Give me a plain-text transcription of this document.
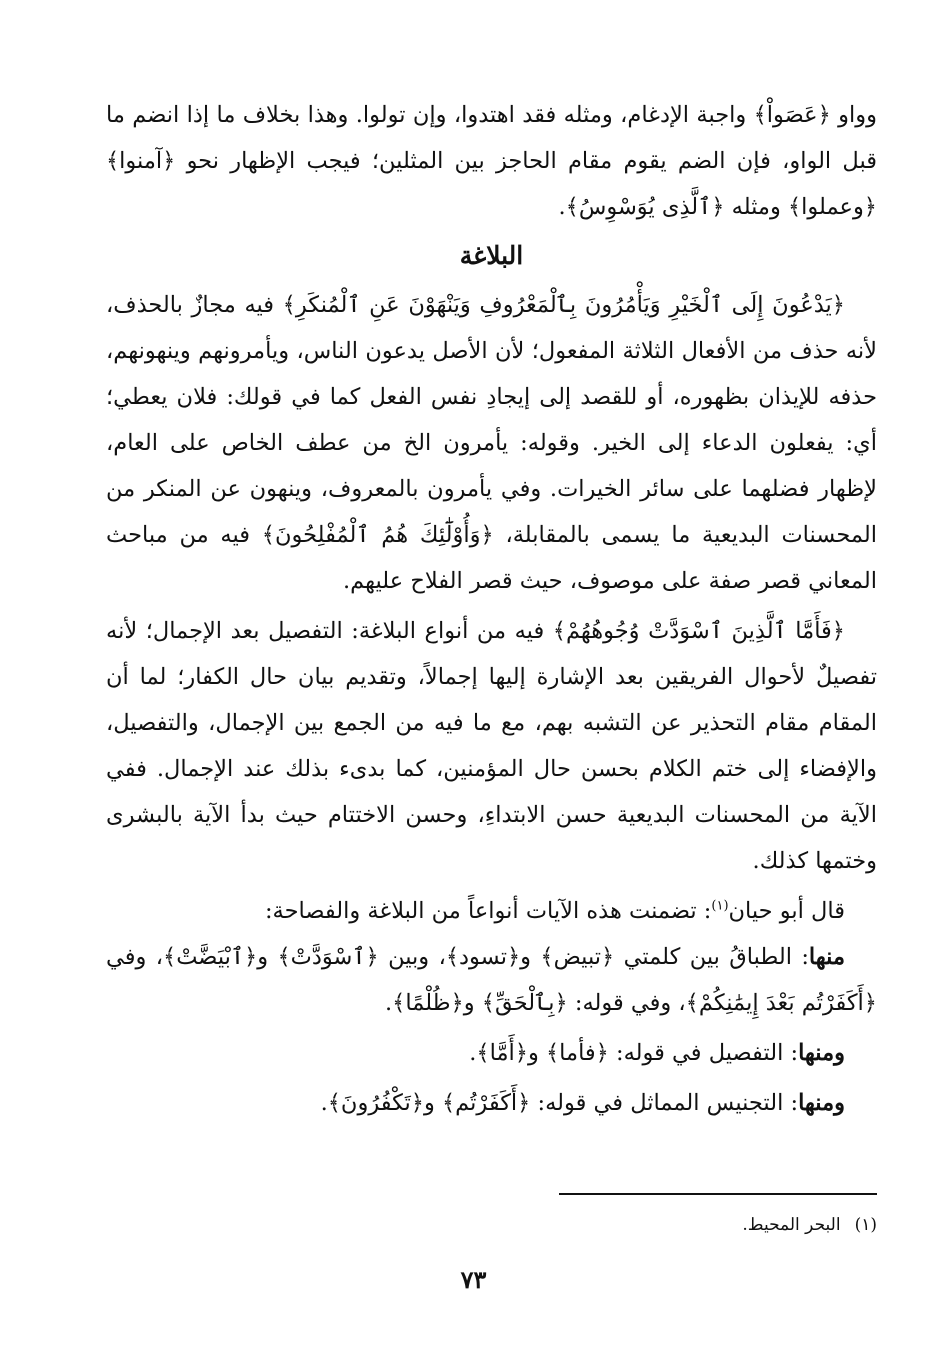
وواو ﴿عَصَواْ﴾ واجبة الإدغام، ومثله فقد اهتدوا، وإن تولوا. وهذا بخلاف ما إذا انضم ما قبل الواو، فإن الضم يقوم مقام الحاجز بين المثلين؛ فيجب الإظهار نحو ﴿آمنوا﴾ ﴿وعملوا﴾ ومثله ﴿ٱلَّذِى يُوَسْوِسُ﴾.

البلاغة

﴿يَدْعُونَ إِلَى ٱلْخَيْرِ وَيَأْمُرُونَ بِٱلْمَعْرُوفِ وَيَنْهَوْنَ عَنِ ٱلْمُنكَرِ﴾ فيه مجازٌ بالحذف، لأنه حذف من الأفعال الثلاثة المفعول؛ لأن الأصل يدعون الناس، ويأمرونهم وينهونهم، حذفه للإيذان بظهوره، أو للقصد إلى إيجادِ نفس الفعل كما في قولك: فلان يعطي؛ أي: يفعلون الدعاء إلى الخير. وقوله: يأمرون الخ من عطف الخاص على العام، لإظهار فضلهما على سائر الخيرات. وفي يأمرون بالمعروف، وينهون عن المنكر من المحسنات البديعية ما يسمى بالمقابلة، ﴿وَأُوْلَٰٓئِكَ هُمُ ٱلْمُفْلِحُونَ﴾ فيه من مباحث المعاني قصر صفة على موصوف، حيث قصر الفلاح عليهم.

﴿فَأَمَّا ٱلَّذِينَ ٱسْوَدَّتْ وُجُوهُهُمْ﴾ فيه من أنواع البلاغة: التفصيل بعد الإجمال؛ لأنه تفصيلٌ لأحوال الفريقين بعد الإشارة إليها إجمالاً، وتقديم بيان حال الكفار؛ لما أن المقام مقام التحذير عن التشبه بهم، مع ما فيه من الجمع بين الإجمال، والتفصيل، والإفضاء إلى ختم الكلام بحسن حال المؤمنين، كما بدىء بذلك عند الإجمال. ففي الآية من المحسنات البديعية حسن الابتداءِ، وحسن الاختتام حيث بدأ الآية بالبشرى وختمها كذلك.

قال أبو حيان$^{(١)}$: تضمنت هذه الآيات أنواعاً من البلاغة والفصاحة:

منها: الطباقُ بين كلمتي ﴿تبيض﴾ و﴿تسود﴾، وبين ﴿ٱسْوَدَّتْ﴾ و﴿ٱبْيَضَّتْ﴾، وفي ﴿أَكَفَرْتُم بَعْدَ إِيمَٰنِكُمْ﴾، وفي قوله: ﴿بِٱلْحَقِّ﴾ و﴿ظُلْمًا﴾.

ومنها: التفصيل في قوله: ﴿فأما﴾ و﴿أَمَّا﴾.

ومنها: التجنيس المماثل في قوله: ﴿أَكَفَرْتُم﴾ و﴿تَكْفُرُونَ﴾.

(١)البحر المحيط.
٧٣
